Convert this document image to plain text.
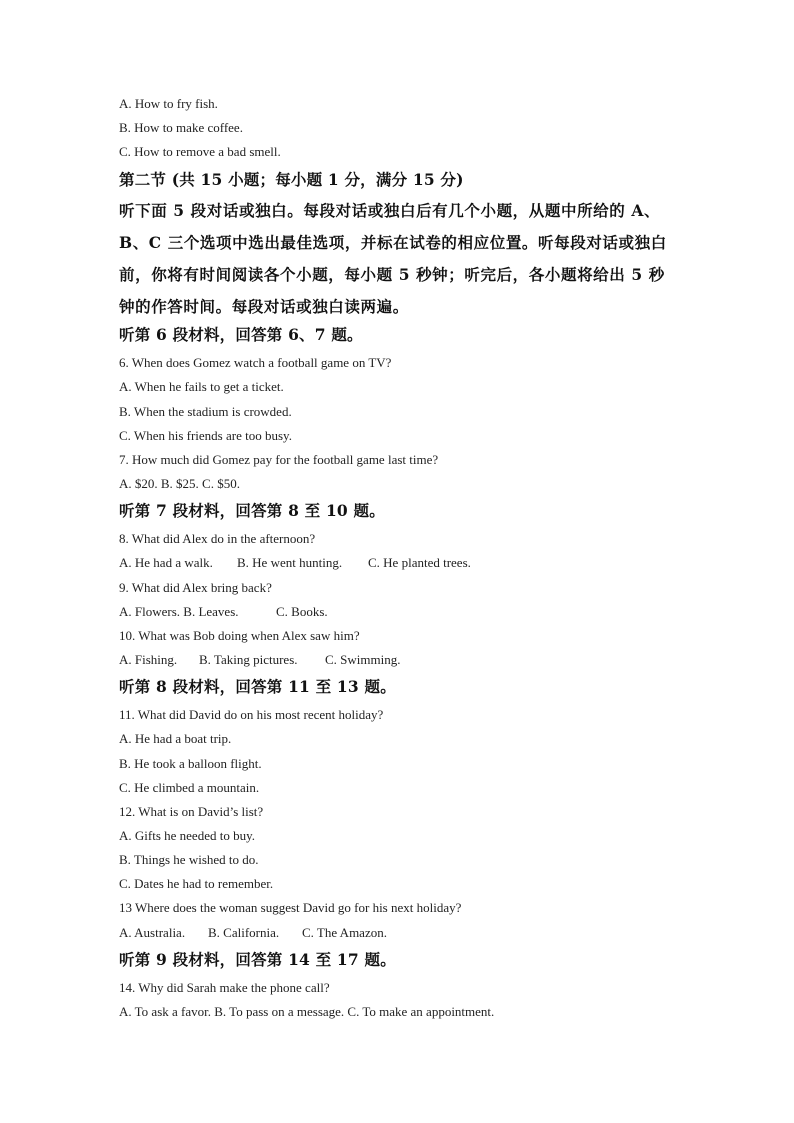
A. How to fry fish.
B. How to make coffee.
C. How to remove a bad smell.
第二节 (共 15 小题；每小题 1 分，满分 15 分)
听下面 5 段对话或独白。每段对话或独白后有几个小题，从题中所给的 A、B、C 三个选项中选出最佳选项，并标在试卷的相应位置。听每段对话或独白前，你将有时间阅读各个小题，每小题 5 秒钟；听完后，各小题将给出 5 秒钟的作答时间。每段对话或独白读两遍。
听第 6 段材料，回答第 6、7 题。
6. When does Gomez watch a football game on TV?
A. When he fails to get a ticket.
B. When the stadium is crowded.
C. When his friends are too busy.
7. How much did Gomez pay for the football game last time?
A. $20. B. $25. C. $50.
听第 7 段材料，回答第 8 至 10 题。
8. What did Alex do in the afternoon?
A. He had a walk. B. He went hunting. C. He planted trees.
9. What did Alex bring back?
A. Flowers. B. Leaves.	C. Books.
10. What was Bob doing when Alex saw him?
A. Fishing. B. Taking pictures. C. Swimming.
听第 8 段材料，回答第 11 至 13 题。
11. What did David do on his most recent holiday?
A. He had a boat trip.
B. He took a balloon flight.
C. He climbed a mountain.
12. What is on David’s list?
A. Gifts he needed to buy.
B. Things he wished to do.
C. Dates he had to remember.
13 Where does the woman suggest David go for his next holiday?
A. Australia. B. California. C. The Amazon.
听第 9 段材料，回答第 14 至 17 题。
14. Why did Sarah make the phone call?
A. To ask a favor. B. To pass on a message. C. To make an appointment.
